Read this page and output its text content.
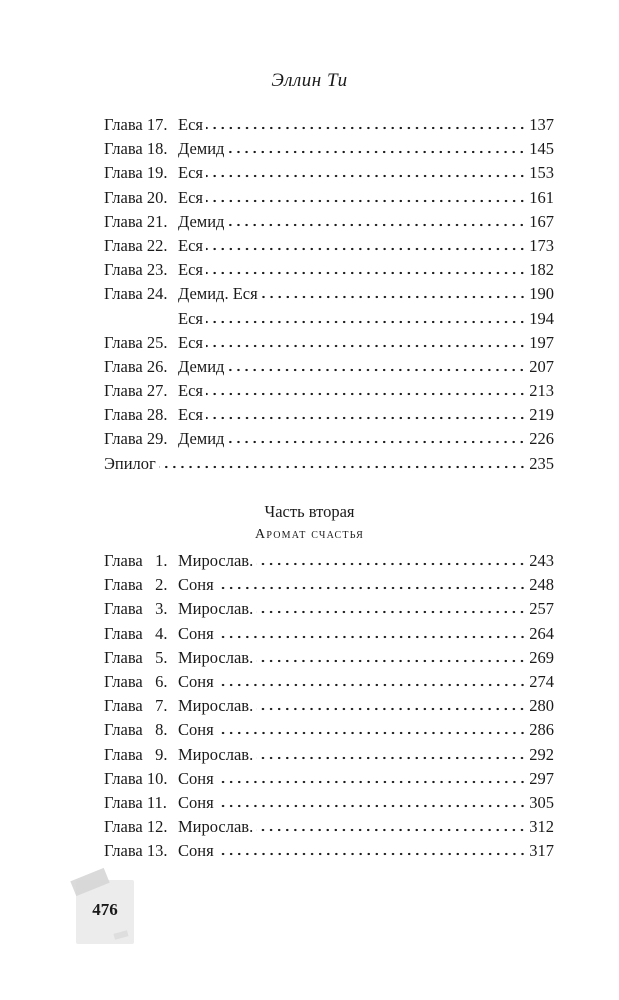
Эллин Ти
Глава 17. Еся	137
Глава 18. Демид	145
Глава 19. Еся	153
Глава 20. Еся	161
Глава 21. Демид	167
Глава 22. Еся	173
Глава 23. Еся	182
Глава 24. Демид. Еся	190
Еся	194
Глава 25. Еся	197
Глава 26. Демид	207
Глава 27. Еся	213
Глава 28. Еся	219
Глава 29. Демид	226
Эпилог	235
Часть вторая
Аромат счастья
Глава   1. Мирослав.	243
Глава   2. Соня	248
Глава   3. Мирослав.	257
Глава   4. Соня	264
Глава   5. Мирослав.	269
Глава   6. Соня	274
Глава   7. Мирослав.	280
Глава   8. Соня	286
Глава   9. Мирослав.	292
Глава 10. Соня	297
Глава 11. Соня	305
Глава 12. Мирослав.	312
Глава 13. Соня	317
476
